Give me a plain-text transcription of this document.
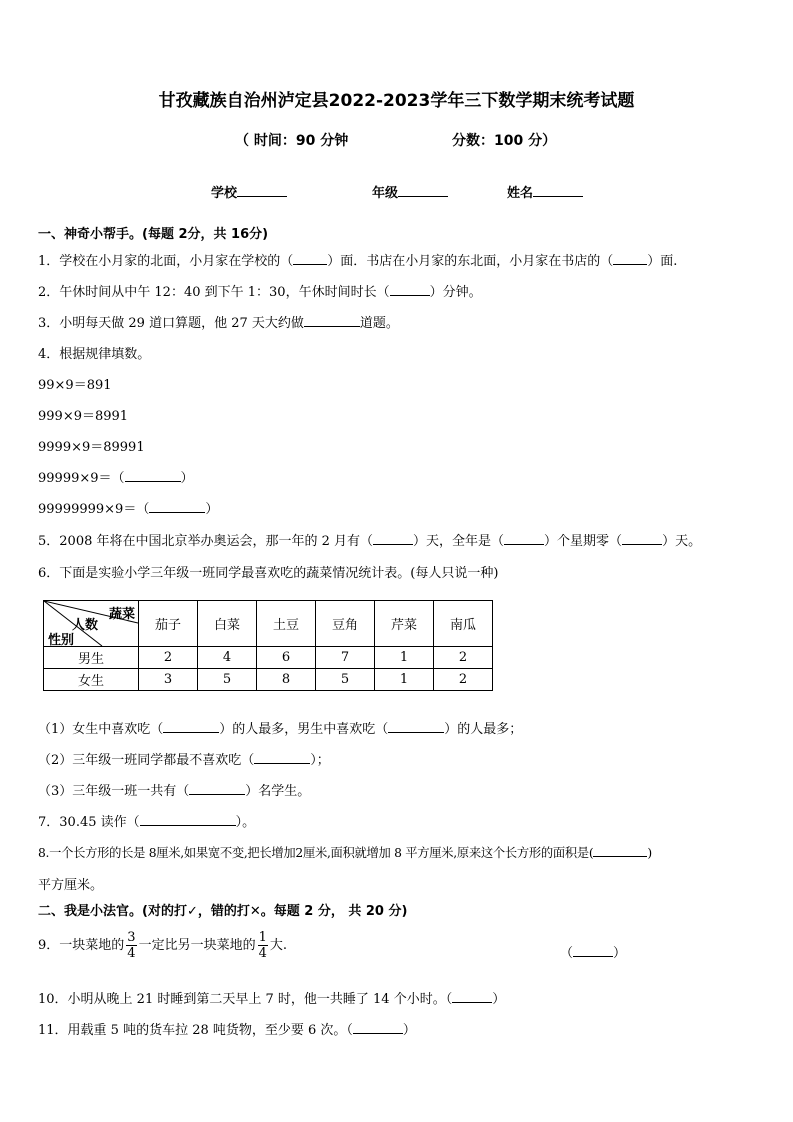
甘孜藏族自治州泸定县2022-2023学年三下数学期末统考试题
（ 时间：90 分钟	分数：100 分）
学校	年级	姓名
一、神奇小帮手。(每题 2分，共 16分)
1．学校在小月家的北面，小月家在学校的（	）面．书店在小月家的东北面，小月家在书店的（	）面.
2．午休时间从中午 12：40 到下午 1：30，午休时间时长（	）分钟。
3．小明每天做 29 道口算题，他 27 天大约做	道题。
4．根据规律填数。
99×9＝891
999×9＝8991
9999×9＝89991
99999×9＝（	）
99999999×9＝（	）
5．2008 年将在中国北京举办奥运会，那一年的 2 月有（	）天，全年是（	）个星期零（	）天。
6．下面是实验小学三年级一班同学最喜欢吃的蔬菜情况统计表。(每人只说一种)
蔬菜
人数
性别	茄子	白菜	土豆	豆角	芹菜	南瓜
男生	2	4	6	7	1	2
女生	3	5	8	5	1	2
（1）女生中喜欢吃（	）的人最多，男生中喜欢吃（	）的人最多；
（2）三年级一班同学都最不喜欢吃（	）；
（3）三年级一班一共有（	）名学生。
7．30.45 读作（	）。
8.一个长方形的长是 8厘米,如果宽不变,把长增加2厘米,面积就增加 8 平方厘米,原来这个长方形的面积是(	)
平方厘米。
二、我是小法官。(对的打✓，错的打✕。每题 2 分， 共 20 分)
9．一块菜地的 $\frac{3}{4}$ 一定比另一块菜地的 $\frac{1}{4}$ 大.
（	）
10．小明从晚上 21 时睡到第二天早上 7 时，他一共睡了 14 个小时。（	）
11．用载重 5 吨的货车拉 28 吨货物，至少要 6 次。（	）
